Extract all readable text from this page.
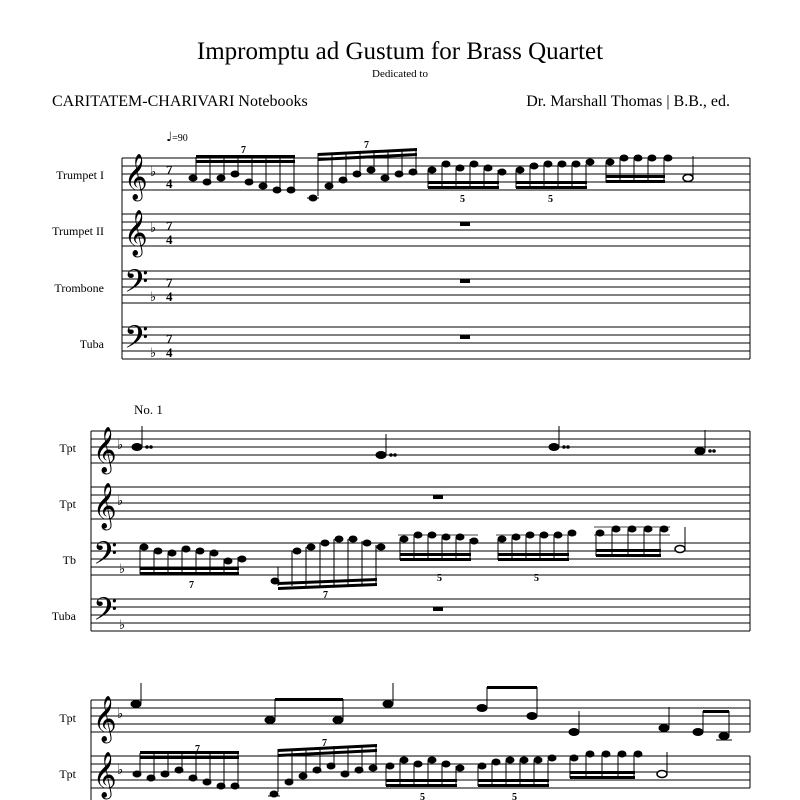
Impromptu ad Gustum for Brass Quartet
Dedicated to
CARITATEM-CHARIVARI Notebooks	Dr. Marshall Thomas | B.B., ed.
♩=90
No. 1
Trumpet I
Trumpet II
Trombone
Tuba
Tpt
Tpt
Tb
Tuba
Tpt
Tpt
𝄞 ♭
𝄞 ♭
𝄢 ♭
𝄢 ♭
7
4
7
4
7
4
7
4
𝄞 ♭
𝄞 ♭
𝄢 ♭
𝄢 ♭
𝄞 ♭
𝄞 ♭
7	7
5	5
7
7
5	5
7
7
5	5
